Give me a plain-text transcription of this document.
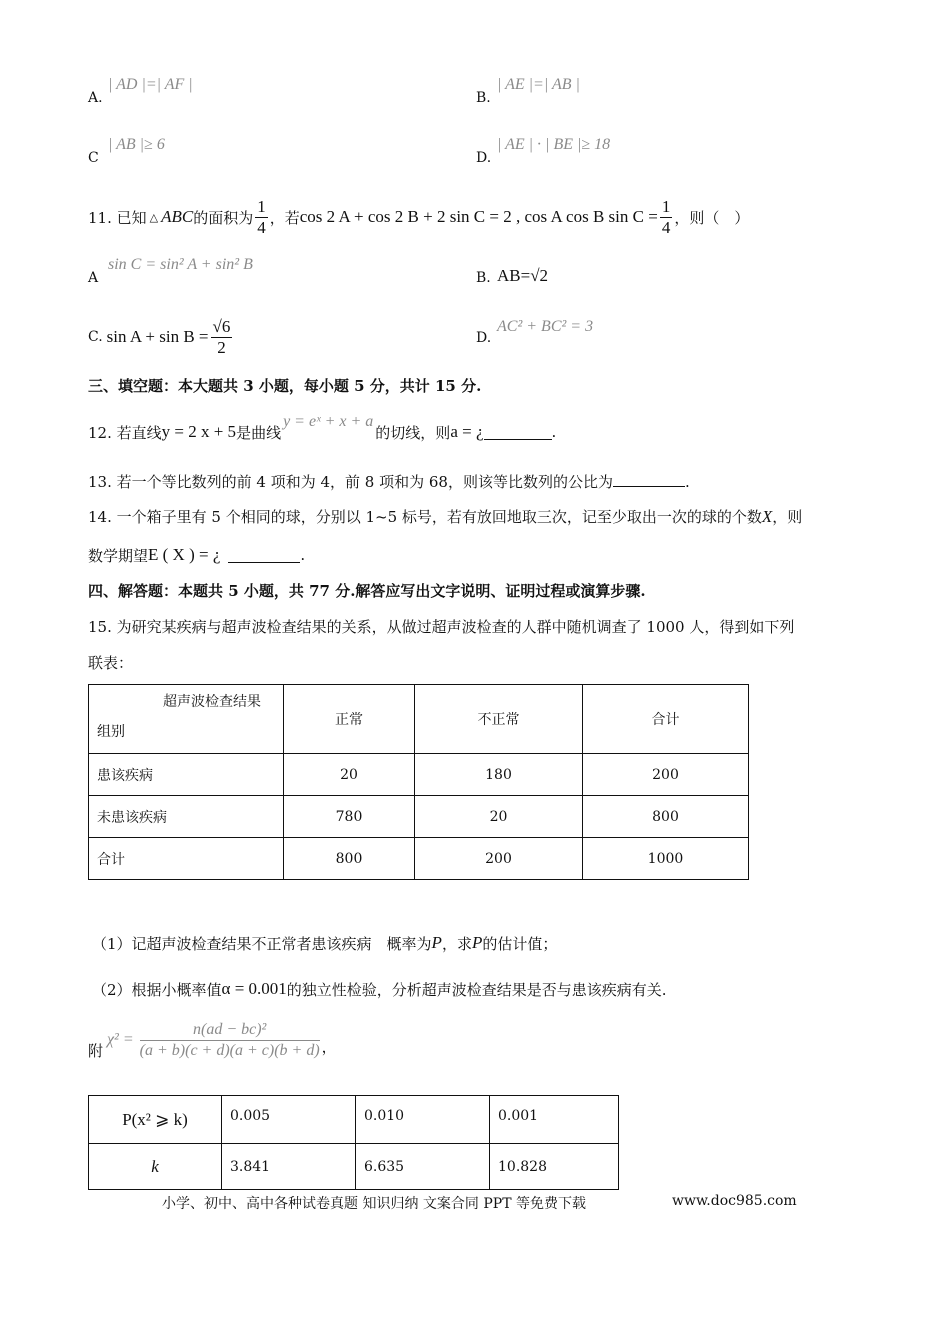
A.
| AD |=| AF |
B.
| AE |=| AB |
C
| AB |≥ 6
D.
| AE | · | BE |≥ 18
11. 已知 △ ABC 的面积为 $\frac{1}{4}$ ，若 cos 2 A + cos 2 B + 2 sin C = 2 , cos A cos B $\sin C = \frac{1}{4}$ ，则（　）
A
sin C = sin² A + sin² B
B. AB=√2
C. $\sin A + \sin B = \frac{√6}{2}$	D.
AC² + BC² = 3
三、填空题：本大题共 3 小题，每小题 5 分，共计 15 分.
12. 若直线 y = 2 x + 5 是曲线
y = eˣ + x + a
的切线，则 a = ¿	.
13. 若一个等比数列的前 4 项和为 4，前 8 项和为 68，则该等比数列的公比为	.
14. 一个箱子里有 5 个相同的球，分别以 1~5 标号，若有放回地取三次，记至少取出一次的球的个数X，则
数学期望 E ( X ) = ¿	.
四、解答题：本题共 5 小题，共 77 分.解答应写出文字说明、证明过程或演算步骤.
15. 为研究某疾病与超声波检查结果的关系，从做过超声波检查的人群中随机调查了 1000 人，得到如下列
联表：
超声波检查结果
组别	正常	不正常	合计
患该疾病	20	180	200
未患该疾病	780	20	800
合计	800	200	1000
（1）记超声波检查结果不正常者患该疾病　概率为 P ，求 P 的估计值；
（2）根据小概率值 α = 0.001 的独立性检验，分析超声波检查结果是否与患该疾病有关.
附
$\chi^2 = \frac{\text{n(ad − bc)²}}{(a + b)(c + d)(a + c)(b + d)}$ ，
P(x² ⩾ k)	0.005	0.010	0.001
k	3.841	6.635	10.828
小学、初中、高中各种试卷真题 知识归纳 文案合同 PPT 等免费下载	www.doc985.com
